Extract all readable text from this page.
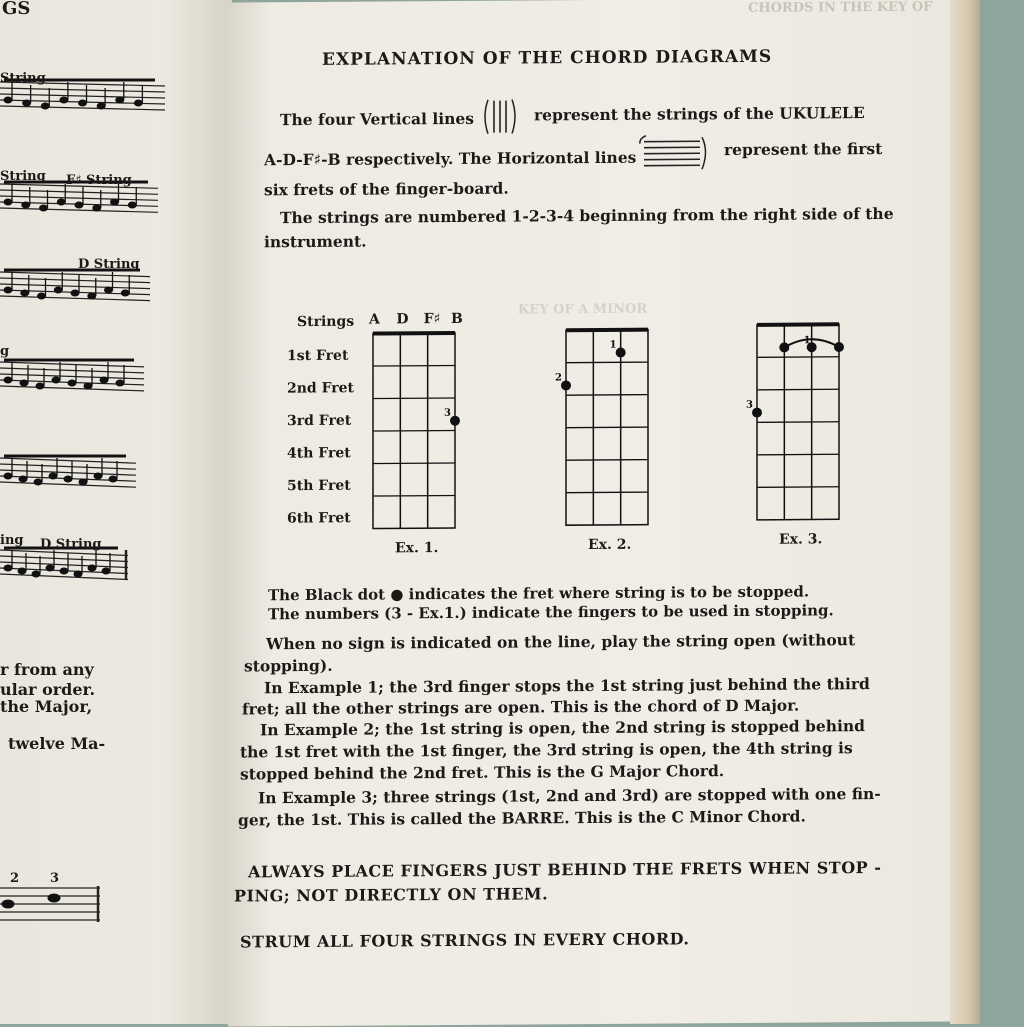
GS
String
String F♯ String
D String
g
ing D String
2 3
r from any
ular order.
the Major,
twelve Ma-
CHORDS IN THE KEY OF
KEY OF A MINOR
EXPLANATION OF THE CHORD DIAGRAMS
The four Vertical lines	represent the strings of the UKULELE
A-D-F♯-B respectively. The Horizontal lines	represent the first
six frets of the finger-board.
The strings are numbered 1-2-3-4 beginning from the right side of the
instrument.
3
Ex. 1.
1
2
Ex. 2.
1
3
Ex. 3.
Strings A D F♯ B
1st Fret
2nd Fret
3rd Fret
4th Fret
5th Fret
6th Fret
The Black dot ● indicates the fret where string is to be stopped.
The numbers (3 - Ex.1.) indicate the fingers to be used in stopping.
When no sign is indicated on the line, play the string open (without
stopping).
In Example 1; the 3rd finger stops the 1st string just behind the third
fret; all the other strings are open. This is the chord of D Major.
In Example 2; the 1st string is open, the 2nd string is stopped behind
the 1st fret with the 1st finger, the 3rd string is open, the 4th string is
stopped behind the 2nd fret. This is the G Major Chord.
In Example 3; three strings (1st, 2nd and 3rd) are stopped with one fin-
ger, the 1st. This is called the BARRE. This is the C Minor Chord.
ALWAYS PLACE FINGERS JUST BEHIND THE FRETS WHEN STOP -
PING; NOT DIRECTLY ON THEM.
STRUM ALL FOUR STRINGS IN EVERY CHORD.
